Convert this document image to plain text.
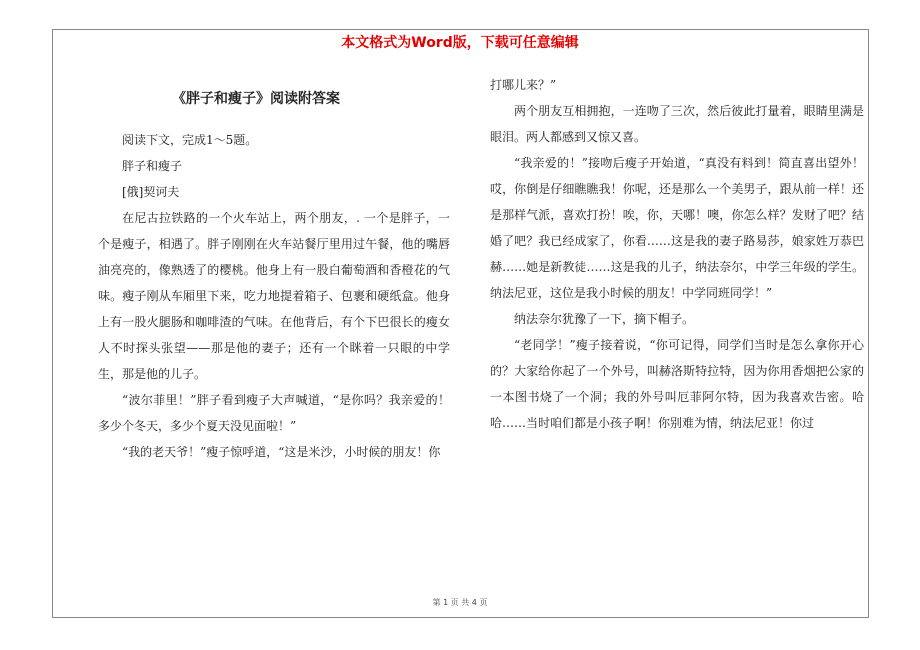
本文格式为Word版，下载可任意编辑
《胖子和瘦子》阅读附答案

阅读下文，完成1～5题。

胖子和瘦子

[俄]契诃夫

在尼古拉铁路的一个火车站上，两个朋友，. 一个是胖子，一个是瘦子，相遇了。胖子刚刚在火车站餐厅里用过午餐，他的嘴唇油亮亮的，像熟透了的樱桃。他身上有一股白葡萄酒和香橙花的气味。瘦子刚从车厢里下来，吃力地提着箱子、包裹和硬纸盒。他身上有一股火腿肠和咖啡渣的气味。在他背后，有个下巴很长的瘦女人不时探头张望——那是他的妻子；还有一个眯着一只眼的中学生，那是他的儿子。

“波尔菲里！”胖子看到瘦子大声喊道，“是你吗？我亲爱的！多少个冬天，多少个夏天没见面啦！”

“我的老天爷！”瘦子惊呼道，“这是米沙，小时候的朋友！你

打哪儿来？”

两个朋友互相拥抱，一连吻了三次，然后彼此打量着，眼睛里满是眼泪。两人都感到又惊又喜。

“我亲爱的！”接吻后瘦子开始道，“真没有料到！简直喜出望外！哎，你倒是仔细瞧瞧我！你呢，还是那么一个美男子，跟从前一样！还是那样气派，喜欢打扮！唉，你，天哪！噢，你怎么样？发财了吧？结婚了吧？我已经成家了，你看……这是我的妻子路易莎，娘家姓万恭巴赫……她是新教徒……这是我的儿子，纳法奈尔，中学三年级的学生。纳法尼亚，这位是我小时候的朋友！中学同班同学！”

纳法奈尔犹豫了一下，摘下帽子。

“老同学！”瘦子接着说，“你可记得，同学们当时是怎么拿你开心的？大家给你起了一个外号，叫赫洛斯特拉特，因为你用香烟把公家的一本图书烧了一个洞；我的外号叫厄菲阿尔特，因为我喜欢告密。哈哈……当时咱们都是小孩子啊！你别难为情，纳法尼亚！你过

第 1 页 共 4 页
